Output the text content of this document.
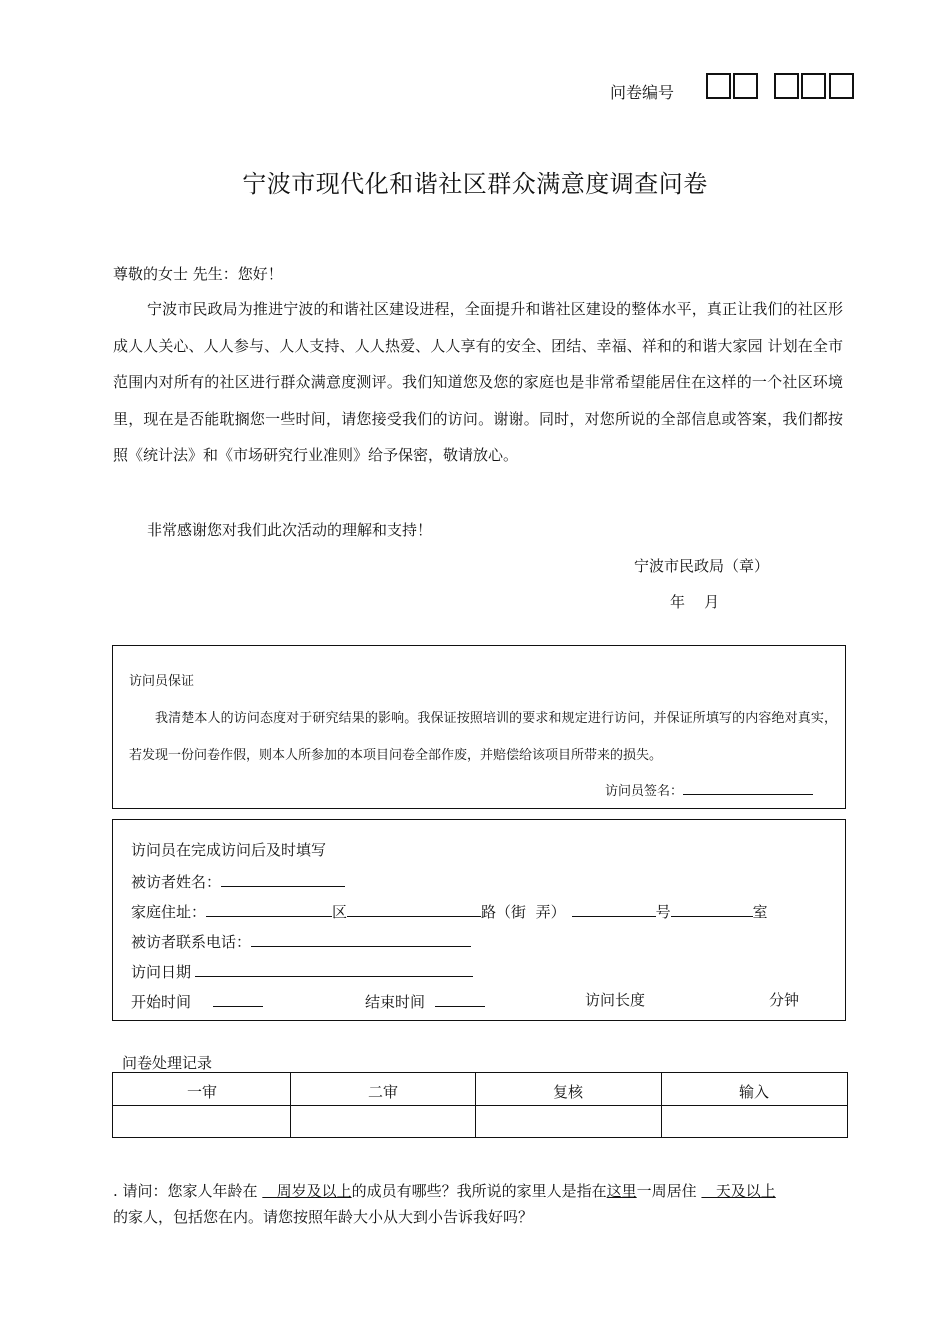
问卷编号
宁波市现代化和谐社区群众满意度调查问卷
尊敬的女士 先生：您好！

宁波市民政局为推进宁波的和谐社区建设进程，全面提升和谐社区建设的整体水平，真正让我们的社区形成人人关心、人人参与、人人支持、人人热爱、人人享有的安全、团结、幸福、祥和的和谐大家园 计划在全市范围内对所有的社区进行群众满意度测评。我们知道您及您的家庭也是非常希望能居住在这样的一个社区环境里，现在是否能耽搁您一些时间，请您接受我们的访问。谢谢。同时，对您所说的全部信息或答案，我们都按照《统计法》和《市场研究行业准则》给予保密，敬请放心。

非常感谢您对我们此次活动的理解和支持！
宁波市民政局（章）
年    月
访问员保证
我清楚本人的访问态度对于研究结果的影响。我保证按照培训的要求和规定进行访问，并保证所填写的内容绝对真实，若发现一份问卷作假，则本人所参加的本项目问卷全部作废，并赔偿给该项目所带来的损失。
访问员签名：
访问员在完成访问后及时填写
被访者姓名：
家庭住址：	区	路（街  弄）	号	室
被访者联系电话：
访问日期
开始时间	结束时间	访问长度	分钟
问卷处理记录
一审	二审	复核	输入
. 请问：您家人年龄在    周岁及以上的成员有哪些？我所说的家里人是指在这里一周居住    天及以上
的家人，包括您在内。请您按照年龄大小从大到小告诉我好吗？
